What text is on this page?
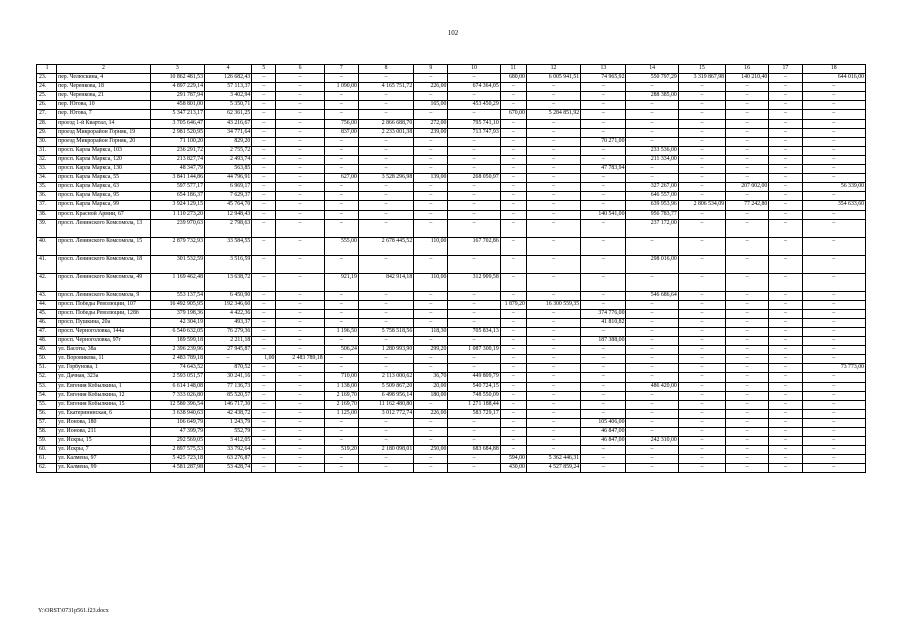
102
1	2	3	4	5	6	7	8	9	10	11	12	13	14	15	16	17	18
23.	пер. Челюскина, 4	10 862 481,53	126 682,43	–	–	–	–	–	–	680,00	6 005 941,51	74 965,92	550 797,29	3 319 867,98	140 210,40	–	644 016,00
24.	пер. Черенкова, 18	4 897 229,14	57 113,37	–	–	1 090,00	4 165 751,72	226,00	674 364,05	–	–	–	–	–	–	–	–
25.	пер. Черенкова, 21	291 787,94	3 402,94	–	–	–	–	–	–	–	–	–	288 385,00	–	–	–	–
26.	пер. Югова, 10	458 801,00	5 350,71	–	–	–	–	165,00	453 450,29	–	–	–	–	–	–	–	–
27.	пер. Югова, 7	5 347 213,17	62 361,25	–	–	–	–	–	–	670,00	5 284 851,92	–	–	–	–	–	–
28.	проезд 1-й Квартал, 14	3 705 646,47	43 216,67	–	–	756,00	2 866 688,70	272,00	795 741,10	–	–	–	–	–	–	–	–
29.	проезд Микрорайон Горняк, 19	2 981 520,95	34 771,64	–	–	837,00	2 233 001,38	239,00	713 747,93	–	–	–	–	–	–	–	–
30.	проезд Микрорайон Горняк, 20	71 100,20	829,20	–	–	–	–	–	–	–	–	70 271,00	–	–	–	–	–
31.	просп. Карла Маркса, 103	236 291,72	2 755,72	–	–	–	–	–	–	–	–	–	233 536,00	–	–	–	–
32.	просп. Карла Маркса, 120	213 827,74	2 493,74	–	–	–	–	–	–	–	–	–	211 334,00	–	–	–	–
33.	просп. Карла Маркса, 130	48 347,79	563,85	–	–	–	–	–	–	–	–	47 783,94	–	–	–	–	–
34.	просп. Карла Маркса, 55	3 841 144,86	44 796,91	–	–	627,00	3 528 296,98	139,00	268 050,97	–	–	–	–	–	–	–	–
35.	просп. Карла Маркса, 63	597 577,17	6 969,17	–	–	–	–	–	–	–	–	–	327 267,00	–	207 002,00	–	56 339,00
36.	просп. Карла Маркса, 95	654 186,37	7 629,37	–	–	–	–	–	–	–	–	–	646 557,00	–	–	–	–
37.	просп. Карла Маркса, 99	3 924 129,15	45 764,70	–	–	–	–	–	–	–	–	–	639 953,96	2 806 534,09	77 242,80	–	354 633,60
38.	просп. Красной Армии, 67	1 110 273,20	12 948,43	–	–	–	–	–	–	–	–	140 541,00	956 783,77	–	–	–	–
39.	просп. Ленинского Комсомола, 13	239 970,63	2 798,63	–	–	–	–	–	–	–	–	–	237 172,00	–	–	–	–
40.	просп. Ленинского Комсомола, 15	2 879 732,93	33 584,55	–	–	555,00	2 678 445,52	110,00	167 702,86	–	–	–	–	–	–	–	–
41.	просп. Ленинского Комсомола, 18	301 532,59	3 516,59	–	–	–	–	–	–	–	–	–	298 016,00	–	–	–	–
42.	просп. Ленинского Комсомола, 49	1 169 462,48	13 638,72	–	–	921,19	842 914,18	110,00	312 909,58	–	–	–	–	–	–	–	–
43.	просп. Ленинского Комсомола, 9	553 137,54	6 450,90	–	–	–	–	–	–	–	–	–	546 686,64	–	–	–	–
44.	просп. Победы Революции, 107	16 492 905,95	192 346,60	–	–	–	–	–	–	1 879,20	16 300 559,35	–	–	–	–	–	–
45.	просп. Победы Революции, 128б	379 198,36	4 422,36	–	–	–	–	–	–	–	–	374 776,00	–	–	–	–	–
46.	просп. Пушкина, 20а	42 304,19	493,37	–	–	–	–	–	–	–	–	41 810,82	–	–	–	–	–
47.	просп. Черноголовка, 144а	6 540 632,05	76 279,36	–	–	1 196,50	5 758 518,56	118,30	705 834,13	–	–	–	–	–	–	–	–
48.	просп. Черноголовка, 97г	189 599,18	2 211,18	–	–	–	–	–	–	–	–	187 388,00	–	–	–	–	–
49.	ул. Васоты, 38а	2 396 239,96	27 945,87	–	–	506,24	1 280 993,90	299,20	1 087 300,19	–	–	–	–	–	–	–	–
50.	ул. Воровикова, 11	2 483 789,18	–	1,00	2 483 789,18	–	–	–	–	–	–	–	–	–	–	–	–
51.	ул. Горбунова, 1	74 643,52	870,52	–	–	–	–	–	–	–	–	–	–	–	–	–	73 773,00
52.	ул. Дачная, 323а	2 593 051,57	30 241,16	–	–	710,00	2 113 000,62	36,70	449 809,79	–	–	–	–	–	–	–	–
53.	ул. Евгения Кобылкина, 1	6 614 148,08	77 136,73	–	–	1 138,00	5 509 867,20	20,00	540 724,15	–	–	–	486 420,00	–	–	–	–
54.	ул. Евгения Кобылкина, 12	7 333 026,80	85 520,57	–	–	2 169,70	6 498 956,14	180,00	748 550,09	–	–	–	–	–	–	–	–
55.	ул. Евгения Кобылкина, 15	12 580 396,54	146 717,30	–	–	2 169,70	11 162 480,80	–	1 271 188,44	–	–	–	–	–	–	–	–
56.	ул. Екатерининская, 6	3 638 940,63	42 438,72	–	–	1 125,00	3 012 772,74	226,00	583 729,17	–	–	–	–	–	–	–	–
57.	ул. Ионова, 180	106 649,79	1 243,79	–	–	–	–	–	–	–	–	105 406,00	–	–	–	–	–
58.	ул. Ионова, 211	47 399,79	552,79	–	–	–	–	–	–	–	–	46 847,00	–	–	–	–	–
59.	ул. Искры, 15	292 569,05	3 412,05	–	–	–	–	–	–	–	–	46 847,00	242 310,00	–	–	–	–
60.	ул. Искры, 7	2 897 575,53	33 792,64	–	–	519,20	2 180 098,01	250,00	683 684,88	–	–	–	–	–	–	–	–
61.	ул. Калмена, 97	5 425 723,18	63 276,87	–	–	–	–	–	–	594,00	5 362 446,31	–	–	–	–	–	–
62.	ул. Калмена, 99	4 581 287,98	53 428,74	–	–	–	–	–	–	430,00	4 527 859,24	–	–	–	–	–	–
Y:\ORST\0731p561.f23.docx
